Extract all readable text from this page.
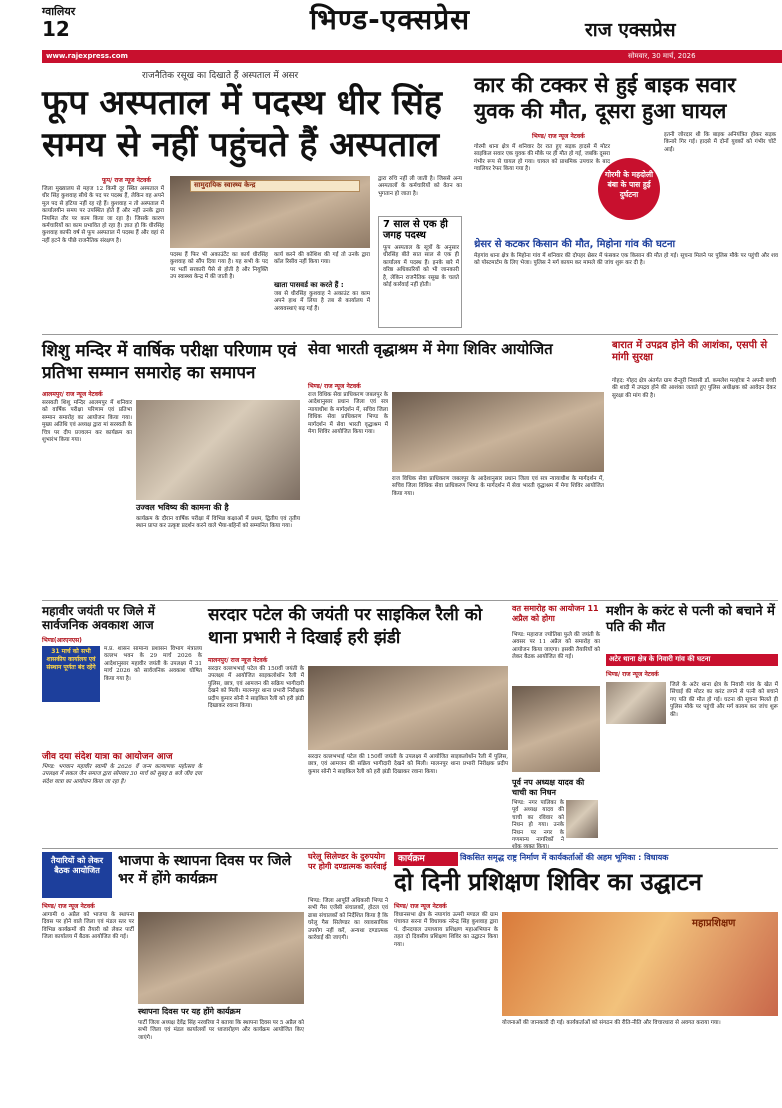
ग्वालियर
12	भिण्ड-एक्सप्रेस	राज एक्सप्रेस
www.rajexpress.com	सोमवार, 30 मार्च, 2026
राजनैतिक रसूख का दिखाते हैं अस्पताल में असर
फूप अस्पताल में पदस्थ धीर सिंह समय से नहीं पहुंचते हैं अस्पताल
फूप/ राज न्यूज नेटवर्क
जिला मुख्यालय से महज 12 किमी दूर स्थित अस्पताल में धीर सिंह कुशवाह सीधे के पद पर पदस्थ हैं, लेकिन वह अपने मूल पद से हटिया नहीं रह रहे हैं। कुशवाह न तो अस्पताल में कार्यालयीन समय पर उपस्थित होते हैं और नहीं उनके द्वारा नियमित तौर पर काम किया जा रहा है। जिसके कारण कर्मचारियों का काम प्रभावित हो रहा है। ज्ञात हो कि धीरसिंह कुशवाह काफी वर्ष से फूप अस्पताल में पदस्थ हैं और वहां से नहीं हटने के पीछे राजनैतिक संरक्षण है।
सामुदायिक स्वास्थ्य केन्द्र
पदस्थ हैं फिर भी अकाउंटेंट का कार्य धीरसिंह कुशवाह को सौंप दिया गया है। यह सभी के पद पर भर्ती सरकारी पैसे से होती है और नियुक्ति उप स्वास्थ्य केन्द्र में की जाती है।
कार्य करने की कोशिश की गई तो उनके द्वारा कॉल रिसीव नहीं किया गया।
खाता पासवर्ड का करते हैं :
जब से धीरसिंह कुशवाह ने अकाउंट का काम अपने हाथ में लिया है तब से कार्यालय में अव्यवस्थाएं बढ़ गई हैं।
द्वारा रुचि नहीं ली जाती है। जिससे अन्य अस्पतालों के कर्मचारियों को वेतन का भुगतान हो जाता है।
7 साल से एक ही जगह पदस्थ
फूप अस्पताल के सूत्रों के अनुसार धीरसिंह बीते सात साल से एक ही कार्यालय में पदस्थ हैं। इनके बारे में वरिष्ठ अधिकारियों को भी जानकारी है, लेकिन राजनैतिक रसूख के चलते कोई कार्रवाई नहीं होती।
कार की टक्कर से हुई बाइक सवार युवक की मौत, दूसरा हुआ घायल
भिण्ड/ राज न्यूज नेटवर्क
गोरमी थाना क्षेत्र में शनिवार देर रात हुए सड़क हादसे में मोटर साइकिल सवार एक युवक की मौके पर ही मौत हो गई, जबकि दूसरा गंभीर रूप से घायल हो गया। घायल को प्राथमिक उपचार के बाद ग्वालियर रेफर किया गया है।
गोरमी के महदोली बंबा के पास हुई दुर्घटना
इतनी जोरदार थी कि बाइक अनियंत्रित होकर सड़क किनारे गिर गई। हादसे में दोनों युवकों को गंभीर चोटें आईं।
थ्रेसर से कटकर किसान की मौत, मिहोना गांव की घटना
मेहगांव थाना क्षेत्र के मिहोना गांव में शनिवार की दोपहर थ्रेसर में फंसकर एक किसान की मौत हो गई। सूचना मिलने पर पुलिस मौके पर पहुंची और शव को पोस्टमार्टम के लिए भेजा। पुलिस ने मर्ग कायम कर मामले की जांच शुरू कर दी है।
शिशु मन्दिर में वार्षिक परीक्षा परिणाम एवं प्रतिभा सम्मान समारोह का समापन
आलमपुर/ राज न्यूज नेटवर्क
सरस्वती शिशु मन्दिर आलमपुर में शनिवार को वार्षिक परीक्षा परिणाम एवं प्रतिभा सम्मान समारोह का आयोजन किया गया। मुख्य अतिथि एवं अध्यक्ष द्वारा मां सरस्वती के चित्र पर दीप प्रज्वलन कर कार्यक्रम का शुभारंभ किया गया।
उज्वल भविष्य की कामना की है
कार्यक्रम के दौरान वार्षिक परीक्षा में विभिन्न कक्षाओं में प्रथम, द्वितीय एवं तृतीय स्थान प्राप्त कर उत्कृष्ट प्रदर्शन करने वाले भैया-बहिनों को सम्मानित किया गया।
सेवा भारती वृद्धाश्रम में मेगा शिविर आयोजित
भिण्ड/ राज न्यूज नेटवर्क
राज विधिक सेवा प्राधिकरण जबलपुर के आदेशानुसार प्रधान जिला एवं सत्र न्यायाधीश के मार्गदर्शन में, सचिव जिला विधिक सेवा प्राधिकरण भिण्ड के मार्गदर्शन में सेवा भारती वृद्धाश्रम में मेगा शिविर आयोजित किया गया।
राज विधिक सेवा प्राधिकरण जबलपुर के आदेशानुसार प्रधान जिला एवं सत्र न्यायाधीश के मार्गदर्शन में, सचिव जिला विधिक सेवा प्राधिकरण भिण्ड के मार्गदर्शन में सेवा भारती वृद्धाश्रम में मेगा शिविर आयोजित किया गया।
बारात में उपद्रव होने की आशंका, एसपी से मांगी सुरक्षा
गोहद: गोहद क्षेत्र अंतर्गत ग्राम रौन्तुरी निवासी डॉ. कमलेश मल्होत्रा ने अपनी बच्ची की शादी में उपद्रव होने की आशंका जताते हुए पुलिस अधीक्षक को आवेदन देकर सुरक्षा की मांग की है।
महावीर जयंती पर जिले में सार्वजनिक अवकाश आज
भिण्ड(आरएनएस)
31 मार्च को सभी शासकीय कार्यालय एवं संस्थान पूर्णतः बंद रहेंगे
म.प्र. शासन सामान्य प्रशासन विभाग मंत्रालय वल्लभ भवन के 29 मार्च 2026 के आदेशानुसार महावीर जयंती के उपलक्ष्य में 31 मार्च 2026 को सार्वजनिक अवकाश घोषित किया गया है।
जीव दया संदेश यात्रा का आयोजन आज
भिण्ड: भगवान महावीर स्वामी के 2626 वें जन्म कल्याणक महोत्सव के उपलक्ष्य में सकल जैन समाज द्वारा सोमवार 30 मार्च को सुबह 8 बजे जीव दया संदेश यात्रा का आयोजन किया जा रहा है।
सरदार पटेल की जयंती पर साइकिल रैली को थाना प्रभारी ने दिखाई हरी झंडी
मालनपुर/ राज न्यूज नेटवर्क
सरदार वल्लभभाई पटेल की 150वीं जयंती के उपलक्ष्य में आयोजित साइकलोथॉन रैली में पुलिस, छात्र, एवं आमजन की सक्रिय भागीदारी देखने को मिली। मालनपुर थाना प्रभारी निरीक्षक प्रदीप कुमार सोनी ने साइकिल रैली को हरी झंडी दिखाकर रवाना किया।
सरदार वल्लभभाई पटेल की 150वीं जयंती के उपलक्ष्य में आयोजित साइकलोथॉन रैली में पुलिस, छात्र, एवं आमजन की सक्रिय भागीदारी देखने को मिली। मालनपुर थाना प्रभारी निरीक्षक प्रदीप कुमार सोनी ने साइकिल रैली को हरी झंडी दिखाकर रवाना किया।
वत समारोह का आयोजन 11 अप्रैल को होगा
भिण्ड: महाराज ज्योतिबा फुले की जयंती के अवसर पर 11 अप्रैल को समारोह का आयोजन किया जाएगा। इसकी तैयारियों को लेकर बैठक आयोजित की गई।
पूर्व नप अध्यक्ष यादव की चाची का निधन
भिण्ड: नगर पालिका के पूर्व अध्यक्ष यादव की चाची का रविवार को निधन हो गया। उनके निधन पर नगर के गणमान्य नागरिकों ने
मशीन के करंट से पत्नी को बचाने में पति की मौत
अटेर थाना क्षेत्र के निवारी गांव की घटना
भिण्ड/ राज न्यूज नेटवर्क
जिले के अटेर थाना क्षेत्र के निवारी गांव के खेत में सिंचाई की मोटर का करंट लगने से पत्नी को बचाने गए पति की मौत हो गई। घटना की सूचना मिलते ही पुलिस मौके पर पहुंची और मर्ग कायम कर जांच शुरू की।
तैयारियों को लेकर बैठक आयोजित
भाजपा के स्थापना दिवस पर जिले भर में होंगे कार्यक्रम
भिण्ड/ राज न्यूज नेटवर्क
आगामी 6 अप्रैल को भाजपा के स्थापना दिवस पर होने वाले जिला एवं मंडल स्तर पर विभिन्न कार्यक्रमों की तैयारी को लेकर पार्टी जिला कार्यालय में बैठक आयोजित की गई।
स्थापना दिवस पर यह होंगे कार्यक्रम
पार्टी जिला अध्यक्ष देवेंद्र सिंह नरवरिया ने बताया कि स्थापना दिवस पर 5 अप्रैल को सभी जिला एवं मंडल कार्यालयों पर ध्वजारोहण और कार्यक्रम आयोजित किए जाएंगे।
घरेलू सिलेण्डर के दुरुपयोग पर होगी दण्डात्मक कार्रवाई
भिण्ड: जिला आपूर्ति अधिकारी भिण्ड ने सभी गैस एजेंसी संचालकों, होटल एवं ढाबा संचालकों को निर्देशित किया है कि घरेलू गैस सिलेण्डर का व्यावसायिक उपयोग नहीं करें, अन्यथा दण्डात्मक कार्रवाई की जाएगी।
कार्यक्रम	विकसित समृद्ध राष्ट्र निर्माण में कार्यकर्ताओं की अहम भूमिका : विधायक
दो दिनी प्रशिक्षण शिविर का उद्घाटन
भिण्ड/ राज न्यूज नेटवर्क
विधानसभा क्षेत्र के नयागांव ऊमरी मण्डल की ग्राम पंचायत सरना में विधायक नरेन्द्र सिंह कुशवाह द्वारा पं. दीनदयाल उपाध्याय प्रशिक्षण महाअभियान के तहत दो दिवसीय प्रशिक्षण शिविर का उद्घाटन किया गया।
महाप्रशिक्षण
योजनाओं की जानकारी दी गई। कार्यकर्ताओं को संगठन की रीति-नीति और विचारधारा से अवगत कराया गया।
